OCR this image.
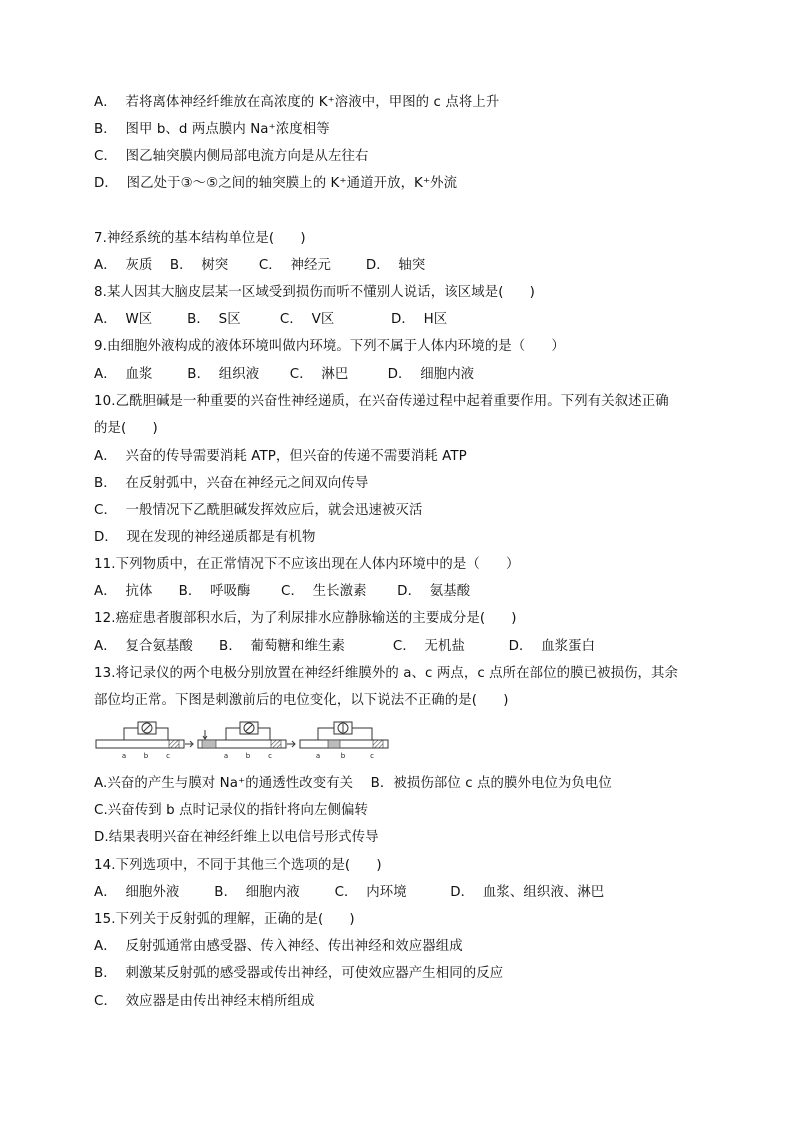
A．  若将离体神经纤维放在高浓度的 K⁺溶液中，甲图的 c 点将上升
B．  图甲 b、d 两点膜内 Na⁺浓度相等
C．  图乙轴突膜内侧局部电流方向是从左往右
D．  图乙处于③～⑤之间的轴突膜上的 K⁺通道开放，K⁺外流
7.神经系统的基本结构单位是(      )
A．  灰质    B．  树突       C．  神经元        D．  轴突
8.某人因其大脑皮层某一区域受到损伤而听不懂别人说话，该区域是(      )
A．  W区        B．  S区         C．  V区             D．  H区
9.由细胞外液构成的液体环境叫做内环境。下列不属于人体内环境的是（      ）
A．  血浆        B．  组织液       C．  淋巴         D．  细胞内液
10.乙酰胆碱是一种重要的兴奋性神经递质，在兴奋传递过程中起着重要作用。下列有关叙述正确
的是(      )
A．  兴奋的传导需要消耗 ATP，但兴奋的传递不需要消耗 ATP
B．  在反射弧中，兴奋在神经元之间双向传导
C．  一般情况下乙酰胆碱发挥效应后，就会迅速被灭活
D．  现在发现的神经递质都是有机物
11.下列物质中，在正常情况下不应该出现在人体内环境中的是（      ）
A．  抗体      B．  呼吸酶       C．  生长激素       D．  氨基酸
12.癌症患者腹部积水后，为了利尿排水应静脉输送的主要成分是(      )
A．  复合氨基酸      B．  葡萄糖和维生素           C．  无机盐          D．  血浆蛋白
13.将记录仪的两个电极分别放置在神经纤维膜外的 a、c 两点，c 点所在部位的膜已被损伤，其余
部位均正常。下图是刺激前后的电位变化，以下说法不正确的是(      )
a	b	c	a	b	c	a	b	c
A.兴奋的产生与膜对 Na⁺的通透性改变有关    B．被损伤部位 c 点的膜外电位为负电位
C.兴奋传到 b 点时记录仪的指针将向左侧偏转
D.结果表明兴奋在神经纤维上以电信号形式传导
14.下列选项中，不同于其他三个选项的是(      )
A．  细胞外液        B．  细胞内液        C．  内环境          D．  血浆、组织液、淋巴
15.下列关于反射弧的理解，正确的是(      )
A．  反射弧通常由感受器、传入神经、传出神经和效应器组成
B．  刺激某反射弧的感受器或传出神经，可使效应器产生相同的反应
C．  效应器是由传出神经末梢所组成
